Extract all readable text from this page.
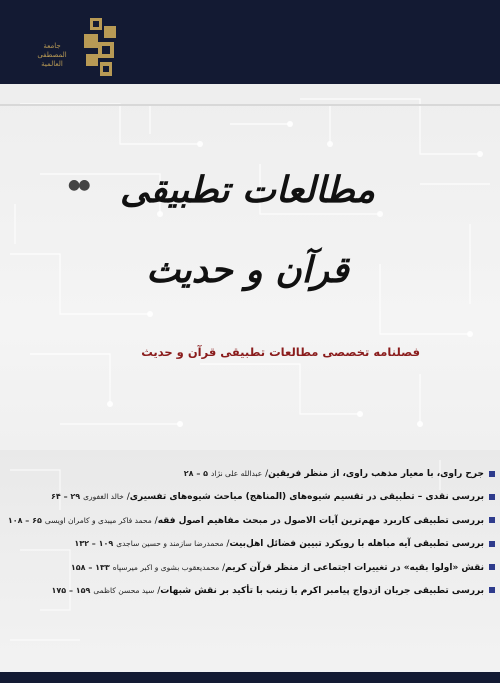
جامعة
المصطفى
العالمية
●● مطالعات تطبیقی قرآن و حدیث
فصلنامه تخصصی مطالعات تطبیقی قرآن و حدیث
جرح راوی، با معیار مذهب راوی، از منظر فریقین/ عبدالله علی نژاد۵ – ۲۸
بررسی نقدی – تطبیقی در تقسیم شیوه‌های (المناهج) مباحث شیوه‌های تفسیری/ خالد الغفوری۲۹ – ۶۴
بررسی تطبیقی کاربرد مهم‌ترین آیات الاصول در مبحث مفاهیم اصول فقه/ محمد فاکر میبدی و کامران اویسی۶۵ – ۱۰۸
بررسی تطبیقی آیه مباهله با رویکرد تبیین فضائل اهل‌بیت/ محمدرضا سازمند و حسین ساجدی۱۰۹ – ۱۳۲
نقش «اولوا بقیه» در تغییرات اجتماعی از منظر قرآن کریم/ محمدیعقوب بشوی و اکبر میرسپاه۱۳۳ – ۱۵۸
بررسی تطبیقی جریان ازدواج پیامبر اکرم با زینب با تأکید بر نقش شبهات/ سید محسن کاظمی۱۵۹ – ۱۷۵
